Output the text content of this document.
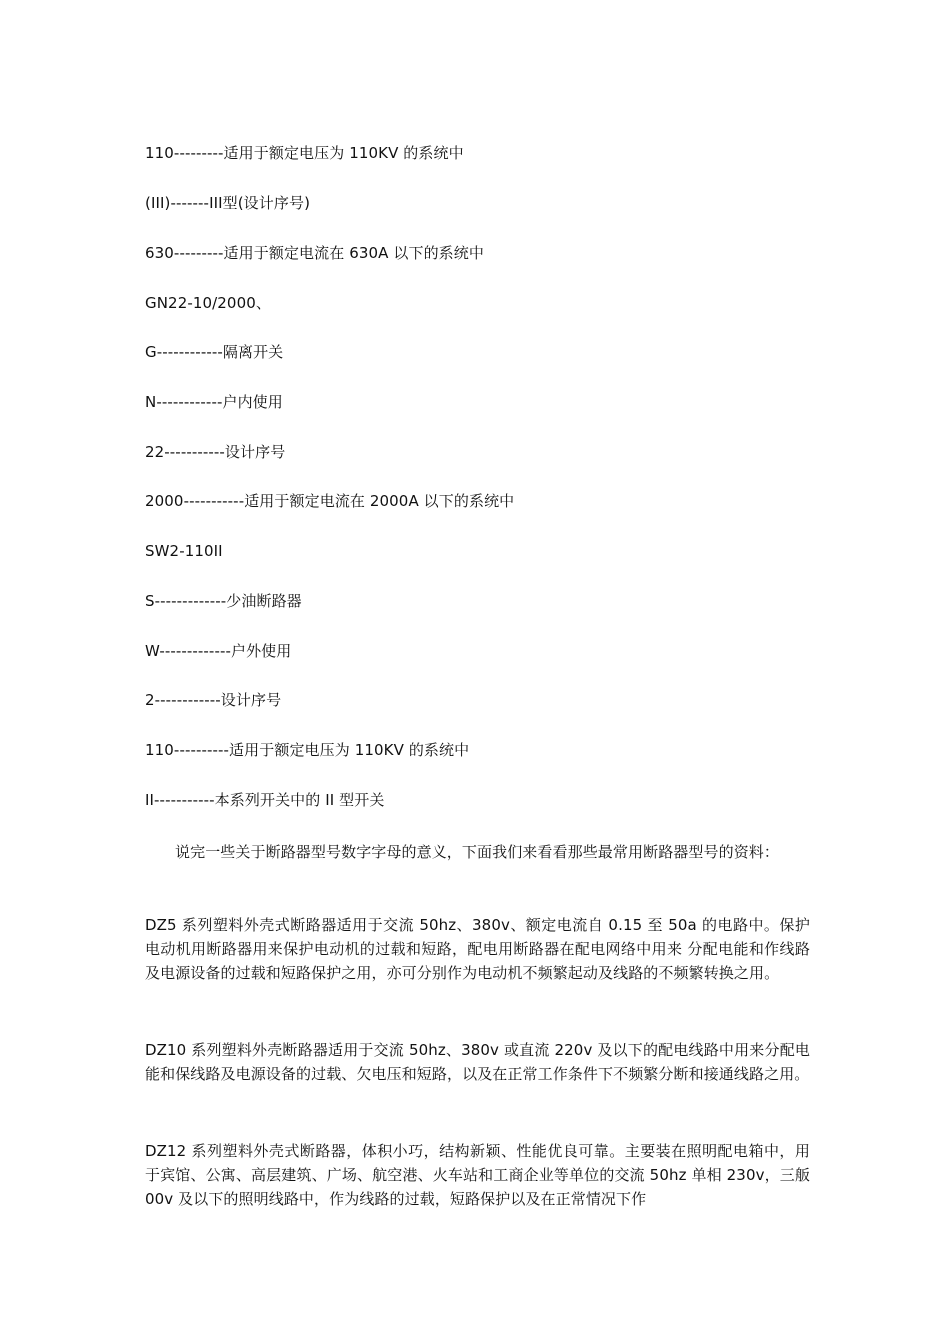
110---------适用于额定电压为 110KV 的系统中
(III)-------III型(设计序号)
630---------适用于额定电流在 630A 以下的系统中
GN22-10/2000、
G------------隔离开关
N------------户内使用
22-----------设计序号
2000-----------适用于额定电流在 2000A 以下的系统中
SW2-110II
S-------------少油断路器
W-------------户外使用
2------------设计序号
110----------适用于额定电压为 110KV 的系统中
II-----------本系列开关中的 II 型开关

说完一些关于断路器型号数字字母的意义，下面我们来看看那些最常用断路器型号的资料：

DZ5 系列塑料外壳式断路器适用于交流 50hz、380v、额定电流自 0.15 至 50a 的电路中。保护电动机用断路器用来保护电动机的过载和短路，配电用断路器在配电网络中用来 分配电能和作线路及电源设备的过载和短路保护之用，亦可分别作为电动机不频繁起动及线路的不频繁转换之用。

DZ10 系列塑料外壳断路器适用于交流 50hz、380v 或直流 220v 及以下的配电线路中用来分配电能和保线路及电源设备的过载、欠电压和短路，以及在正常工作条件下不频繁分断和接通线路之用。

DZ12 系列塑料外壳式断路器，体积小巧，结构新颖、性能优良可靠。主要装在照明配电箱中，用于宾馆、公寓、高层建筑、广场、航空港、火车站和工商企业等单位的交流 50hz 单相 230v，三舨 00v 及以下的照明线路中，作为线路的过载，短路保护以及在正常情况下作
